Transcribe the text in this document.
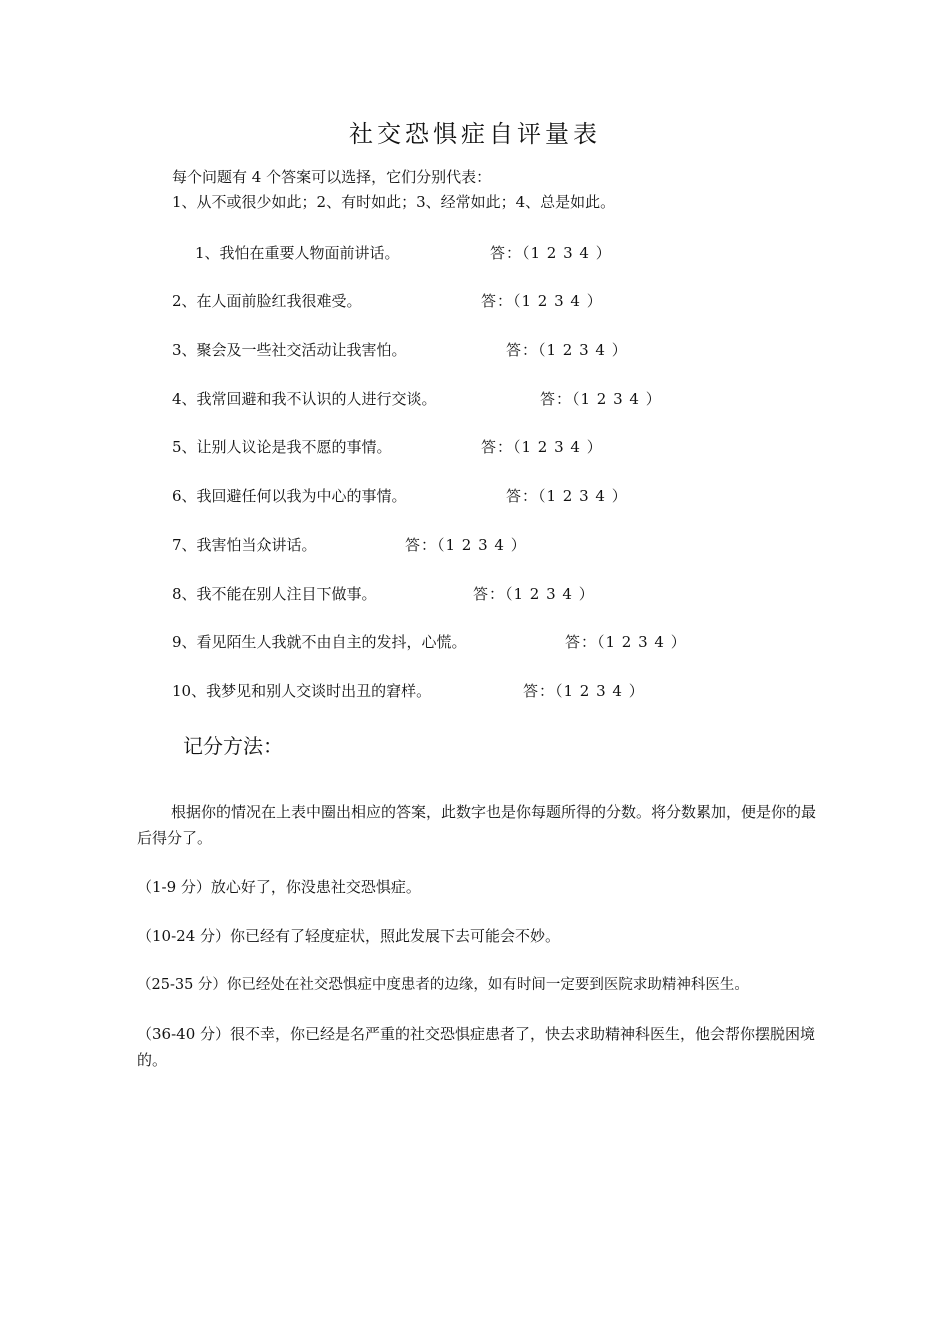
社交恐惧症自评量表
每个问题有 4 个答案可以选择，它们分别代表：
1、从不或很少如此；2、有时如此；3、经常如此；4、总是如此。
1、我怕在重要人物面前讲话。	答：（1 2 3 4 ）
2、在人面前脸红我很难受。	答：（1 2 3 4 ）
3、聚会及一些社交活动让我害怕。	答：（1 2 3 4 ）
4、我常回避和我不认识的人进行交谈。	答：（1 2 3 4 ）
5、让别人议论是我不愿的事情。	答：（1 2 3 4 ）
6、我回避任何以我为中心的事情。	答：（1 2 3 4 ）
7、我害怕当众讲话。	答：（1 2 3 4 ）
8、我不能在别人注目下做事。	答：（1 2 3 4 ）
9、看见陌生人我就不由自主的发抖，心慌。	答：（1 2 3 4 ）
10、我梦见和别人交谈时出丑的窘样。	答：（1 2 3 4 ）
记分方法：
根据你的情况在上表中圈出相应的答案，此数字也是你每题所得的分数。将分数累加，便是你的最后得分了。
（1-9 分）放心好了，你没患社交恐惧症。
（10-24 分）你已经有了轻度症状，照此发展下去可能会不妙。
（25-35 分）你已经处在社交恐惧症中度患者的边缘，如有时间一定要到医院求助精神科医生。
（36-40 分）很不幸，你已经是名严重的社交恐惧症患者了，快去求助精神科医生，他会帮你摆脱困境的。
